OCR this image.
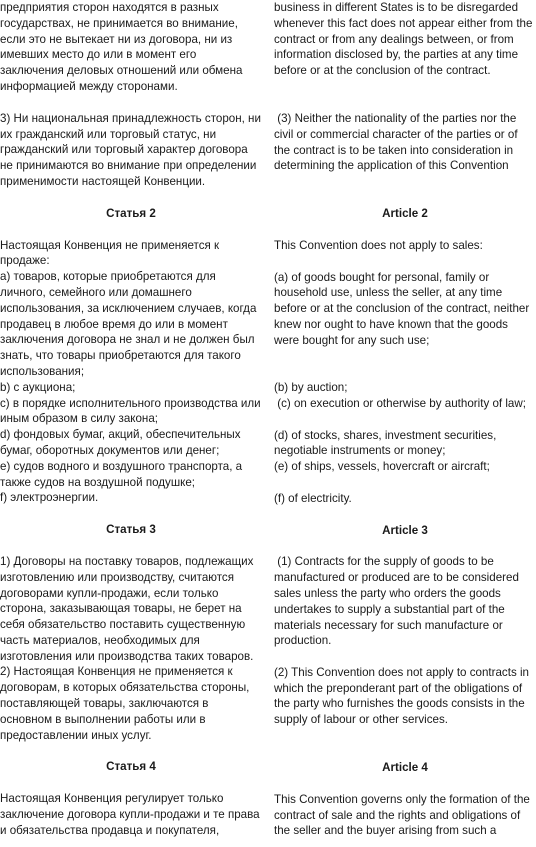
предприятия сторон находятся в разных государствах, не принимается во внимание, если это не вытекает ни из договора, ни из имевших место до или в момент его заключения деловых отношений или обмена информацией между сторонами.

3) Ни национальная принадлежность сторон, ни их гражданский или торговый статус, ни гражданский или торговый характер договора не принимаются во внимание при определении применимости настоящей Конвенции.

Статья 2

Настоящая Конвенция не применяется к продаже:
а) товаров, которые приобретаются для личного, семейного или домашнего использования, за исключением случаев, когда продавец в любое время до или в момент заключения договора не знал и не должен был знать, что товары приобретаются для такого использования;
b) с аукциона;
с) в порядке исполнительного производства или иным образом в силу закона;
d) фондовых бумаг, акций, обеспечительных бумаг, оборотных документов или денег;
е) судов водного и воздушного транспорта, а также судов на воздушной подушке;
f) электроэнергии.

Статья 3

1) Договоры на поставку товаров, подлежащих изготовлению или производству, считаются договорами купли-продажи, если только сторона, заказывающая товары, не берет на себя обязательство поставить существенную часть материалов, необходимых для изготовления или производства таких товаров.
2) Настоящая Конвенция не применяется к договорам, в которых обязательства стороны, поставляющей товары, заключаются в основном в выполнении работы или в предоставлении иных услуг.

Статья 4

Настоящая Конвенция регулирует только заключение договора купли-продажи и те права и обязательства продавца и покупателя,

business in different States is to be disregarded whenever this fact does not appear either from the contract or from any dealings between, or from information disclosed by, the parties at any time before or at the conclusion of the contract.

(3) Neither the nationality of the parties nor the civil or commercial character of the parties or of the contract is to be taken into consideration in determining the application of this Convention

Article 2

This Convention does not apply to sales:

(a) of goods bought for personal, family or household use, unless the seller, at any time before or at the conclusion of the contract, neither knew nor ought to have known that the goods were bought for any such use;

(b) by auction;
(c) on execution or otherwise by authority of law;

(d) of stocks, shares, investment securities, negotiable instruments or money;
(e) of ships, vessels, hovercraft or aircraft;

(f) of electricity.

Article 3

(1) Contracts for the supply of goods to be manufactured or produced are to be considered sales unless the party who orders the goods undertakes to supply a substantial part of the materials necessary for such manufacture or production.

(2) This Convention does not apply to contracts in which the preponderant part of the obligations of the party who furnishes the goods consists in the supply of labour or other services.

Article 4

This Convention governs only the formation of the contract of sale and the rights and obligations of the seller and the buyer arising from such a
